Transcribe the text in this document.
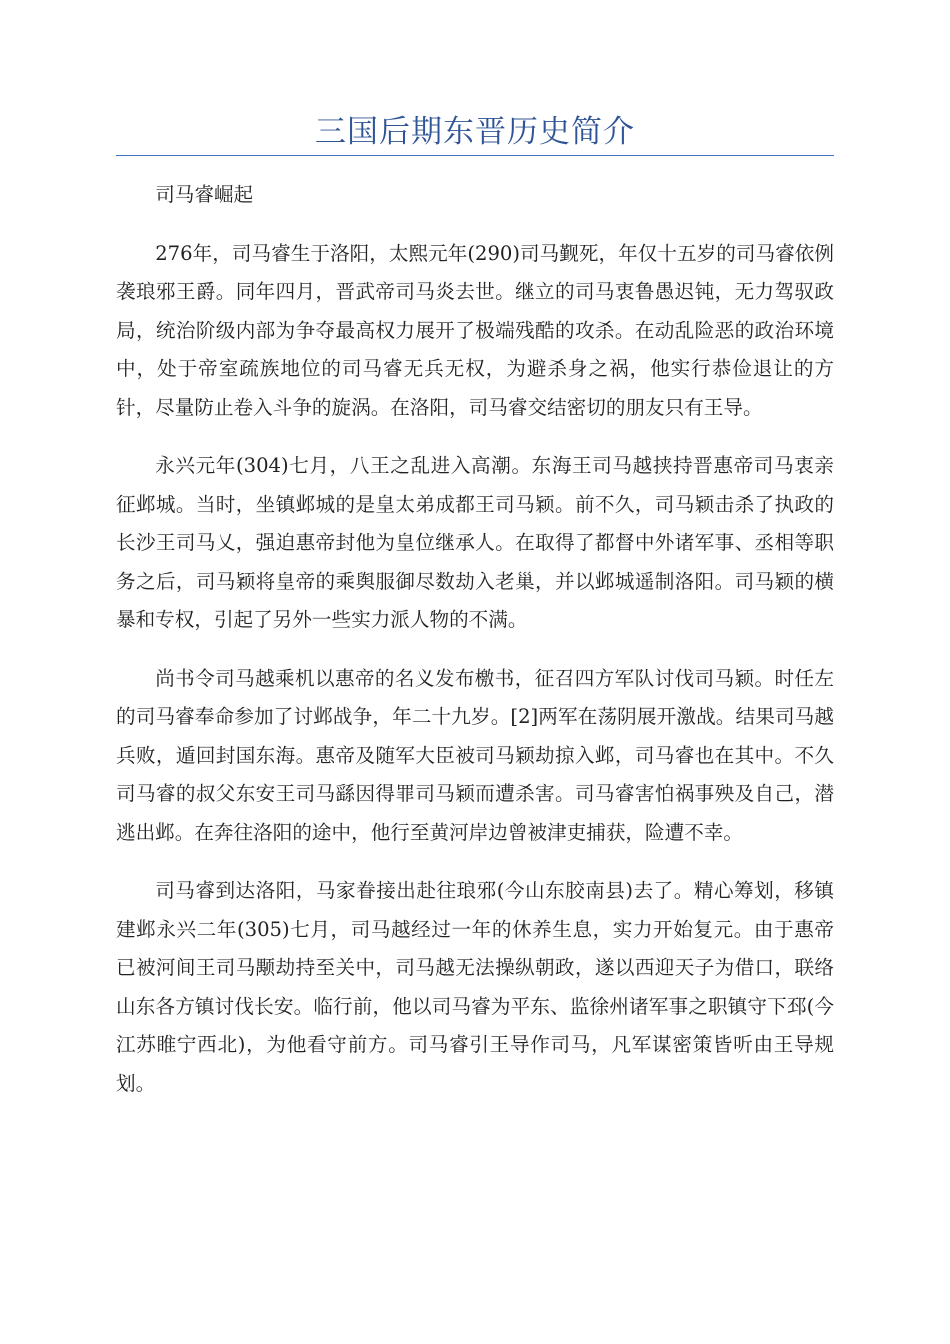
三国后期东晋历史简介

司马睿崛起

276年，司马睿生于洛阳，太熙元年(290)司马觐死，年仅十五岁的司马睿依例袭琅邪王爵。同年四月，晋武帝司马炎去世。继立的司马衷鲁愚迟钝，无力驾驭政局，统治阶级内部为争夺最高权力展开了极端残酷的攻杀。在动乱险恶的政治环境中，处于帝室疏族地位的司马睿无兵无权，为避杀身之祸，他实行恭俭退让的方针，尽量防止卷入斗争的旋涡。在洛阳，司马睿交结密切的朋友只有王导。

永兴元年(304)七月，八王之乱进入高潮。东海王司马越挟持晋惠帝司马衷亲征邺城。当时，坐镇邺城的是皇太弟成都王司马颖。前不久，司马颖击杀了执政的长沙王司马乂，强迫惠帝封他为皇位继承人。在取得了都督中外诸军事、丞相等职务之后，司马颖将皇帝的乘舆服御尽数劫入老巢，并以邺城遥制洛阳。司马颖的横暴和专权，引起了另外一些实力派人物的不满。

尚书令司马越乘机以惠帝的名义发布檄书，征召四方军队讨伐司马颖。时任左的司马睿奉命参加了讨邺战争，年二十九岁。[2]两军在荡阴展开激战。结果司马越兵败，遁回封国东海。惠帝及随军大臣被司马颖劫掠入邺，司马睿也在其中。不久司马睿的叔父东安王司马繇因得罪司马颖而遭杀害。司马睿害怕祸事殃及自己，潜逃出邺。在奔往洛阳的途中，他行至黄河岸边曾被津吏捕获，险遭不幸。

司马睿到达洛阳，马家眷接出赴往琅邪(今山东胶南县)去了。精心筹划，移镇建邺永兴二年(305)七月，司马越经过一年的休养生息，实力开始复元。由于惠帝已被河间王司马颙劫持至关中，司马越无法操纵朝政，遂以西迎天子为借口，联络山东各方镇讨伐长安。临行前，他以司马睿为平东、监徐州诸军事之职镇守下邳(今江苏睢宁西北)，为他看守前方。司马睿引王导作司马，凡军谋密策皆听由王导规划。
